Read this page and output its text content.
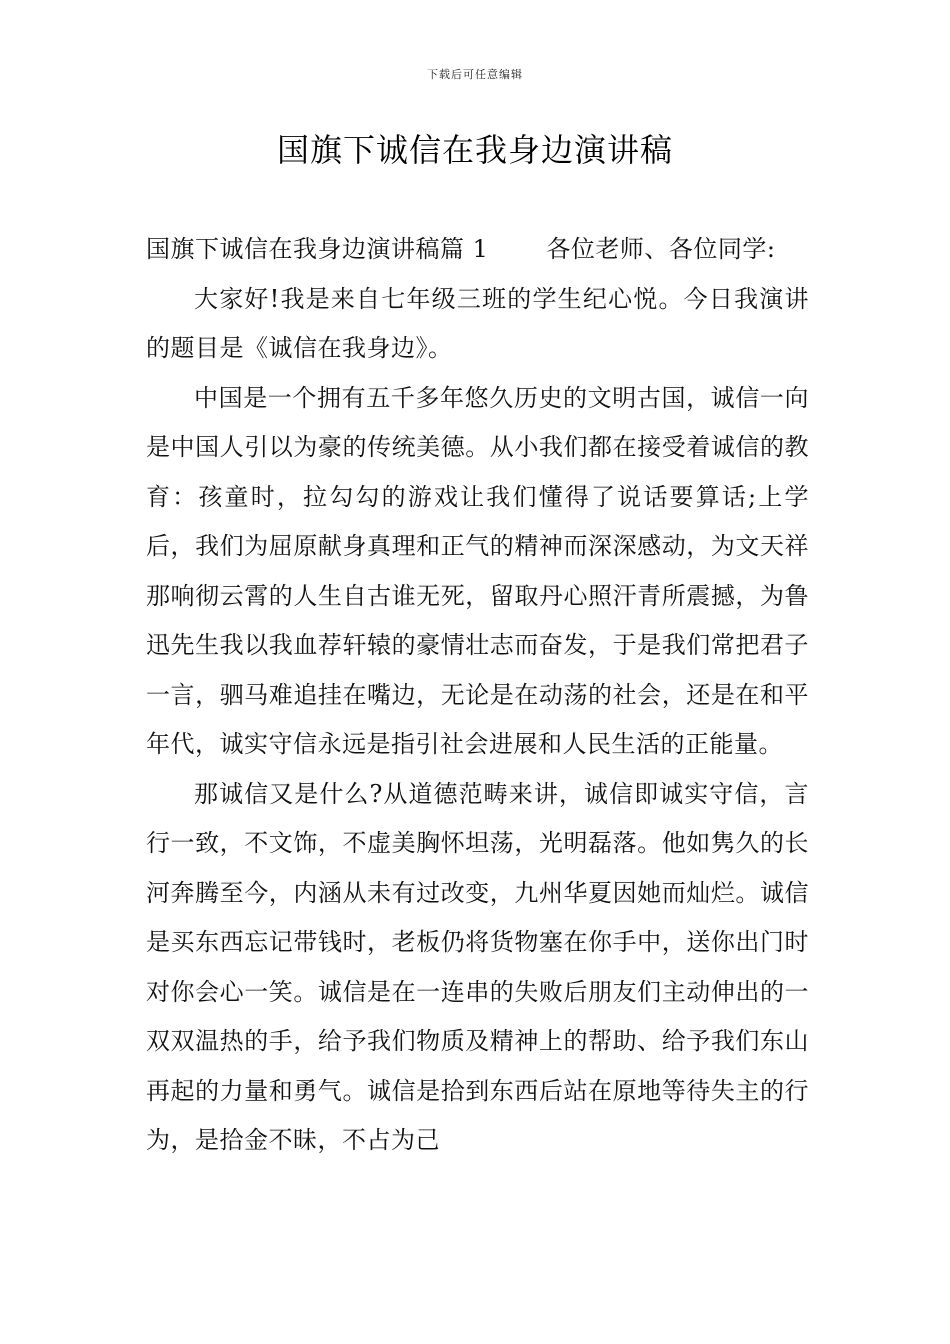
下载后可任意编辑
国旗下诚信在我身边演讲稿

国旗下诚信在我身边演讲稿篇 1 各位老师、各位同学:

大家好!我是来自七年级三班的学生纪心悦。今日我演讲的题目是《诚信在我身边》。

中国是一个拥有五千多年悠久历史的文明古国，诚信一向是中国人引以为豪的传统美德。从小我们都在接受着诚信的教育：孩童时，拉勾勾的游戏让我们懂得了说话要算话;上学后，我们为屈原献身真理和正气的精神而深深感动，为文天祥那响彻云霄的人生自古谁无死，留取丹心照汗青所震撼，为鲁迅先生我以我血荐轩辕的豪情壮志而奋发，于是我们常把君子一言，驷马难追挂在嘴边，无论是在动荡的社会，还是在和平年代，诚实守信永远是指引社会进展和人民生活的正能量。

那诚信又是什么?从道德范畴来讲，诚信即诚实守信，言行一致，不文饰，不虚美胸怀坦荡，光明磊落。他如隽久的长河奔腾至今，内涵从未有过改变，九州华夏因她而灿烂。诚信是买东西忘记带钱时，老板仍将货物塞在你手中，送你出门时对你会心一笑。诚信是在一连串的失败后朋友们主动伸出的一双双温热的手，给予我们物质及精神上的帮助、给予我们东山再起的力量和勇气。诚信是拾到东西后站在原地等待失主的行为，是拾金不昧，不占为己
